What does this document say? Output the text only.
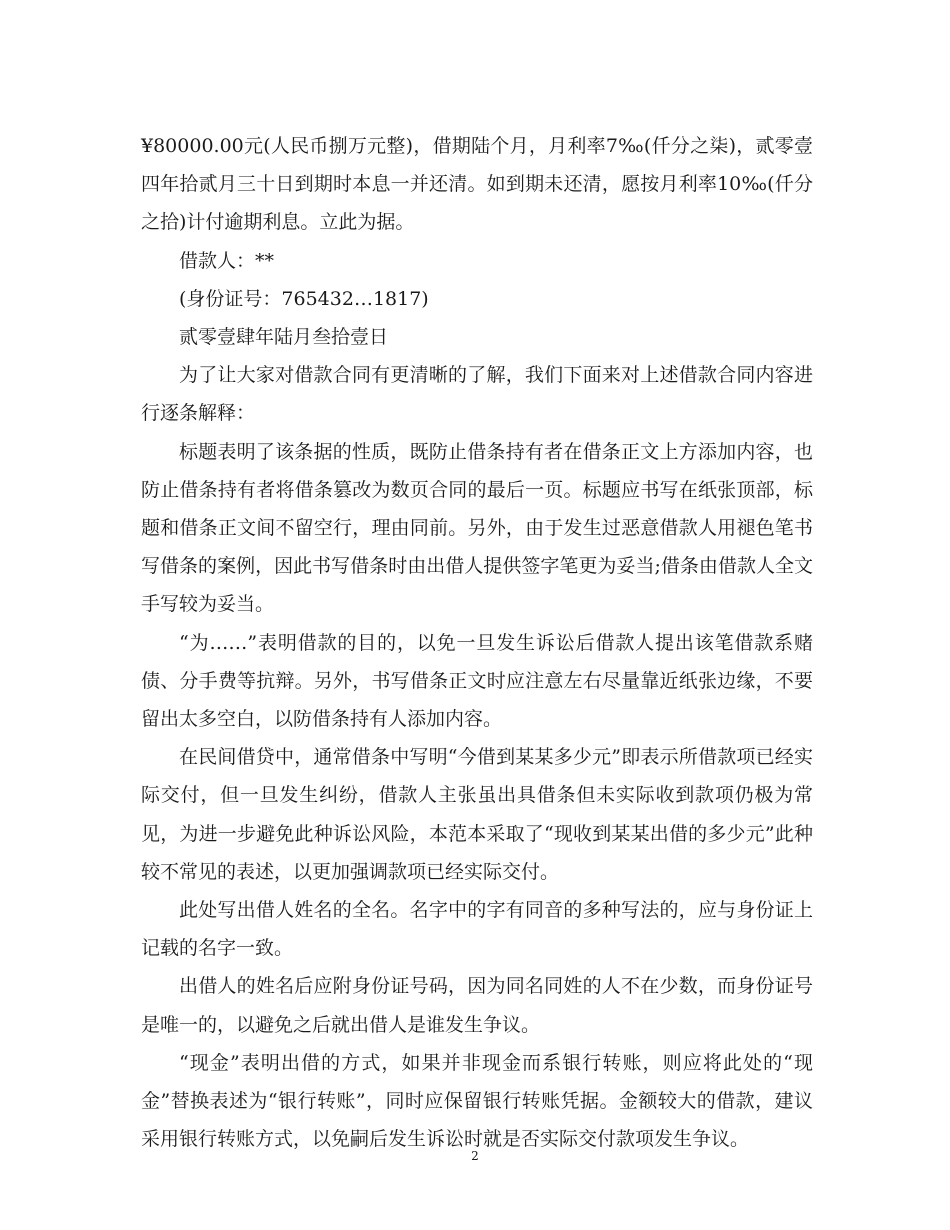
¥80000.00元(人民币捌万元整)，借期陆个月，月利率7‰(仟分之柒)，贰零壹四年拾贰月三十日到期时本息一并还清。如到期未还清，愿按月利率10‰(仟分之拾)计付逾期利息。立此为据。

借款人：**

(身份证号：765432…1817)

贰零壹肆年陆月叁拾壹日

为了让大家对借款合同有更清晰的了解，我们下面来对上述借款合同内容进行逐条解释：

标题表明了该条据的性质，既防止借条持有者在借条正文上方添加内容，也防止借条持有者将借条篡改为数页合同的最后一页。标题应书写在纸张顶部，标题和借条正文间不留空行，理由同前。另外，由于发生过恶意借款人用褪色笔书写借条的案例，因此书写借条时由出借人提供签字笔更为妥当;借条由借款人全文手写较为妥当。

“为……”表明借款的目的，以免一旦发生诉讼后借款人提出该笔借款系赌债、分手费等抗辩。另外，书写借条正文时应注意左右尽量靠近纸张边缘，不要留出太多空白，以防借条持有人添加内容。

在民间借贷中，通常借条中写明“今借到某某多少元”即表示所借款项已经实际交付，但一旦发生纠纷，借款人主张虽出具借条但未实际收到款项仍极为常见，为进一步避免此种诉讼风险，本范本采取了“现收到某某出借的多少元”此种较不常见的表述，以更加强调款项已经实际交付。

此处写出借人姓名的全名。名字中的字有同音的多种写法的，应与身份证上记载的名字一致。

出借人的姓名后应附身份证号码，因为同名同姓的人不在少数，而身份证号是唯一的，以避免之后就出借人是谁发生争议。

“现金”表明出借的方式，如果并非现金而系银行转账，则应将此处的“现金”替换表述为“银行转账”，同时应保留银行转账凭据。金额较大的借款，建议采用银行转账方式，以免嗣后发生诉讼时就是否实际交付款项发生争议。

2
